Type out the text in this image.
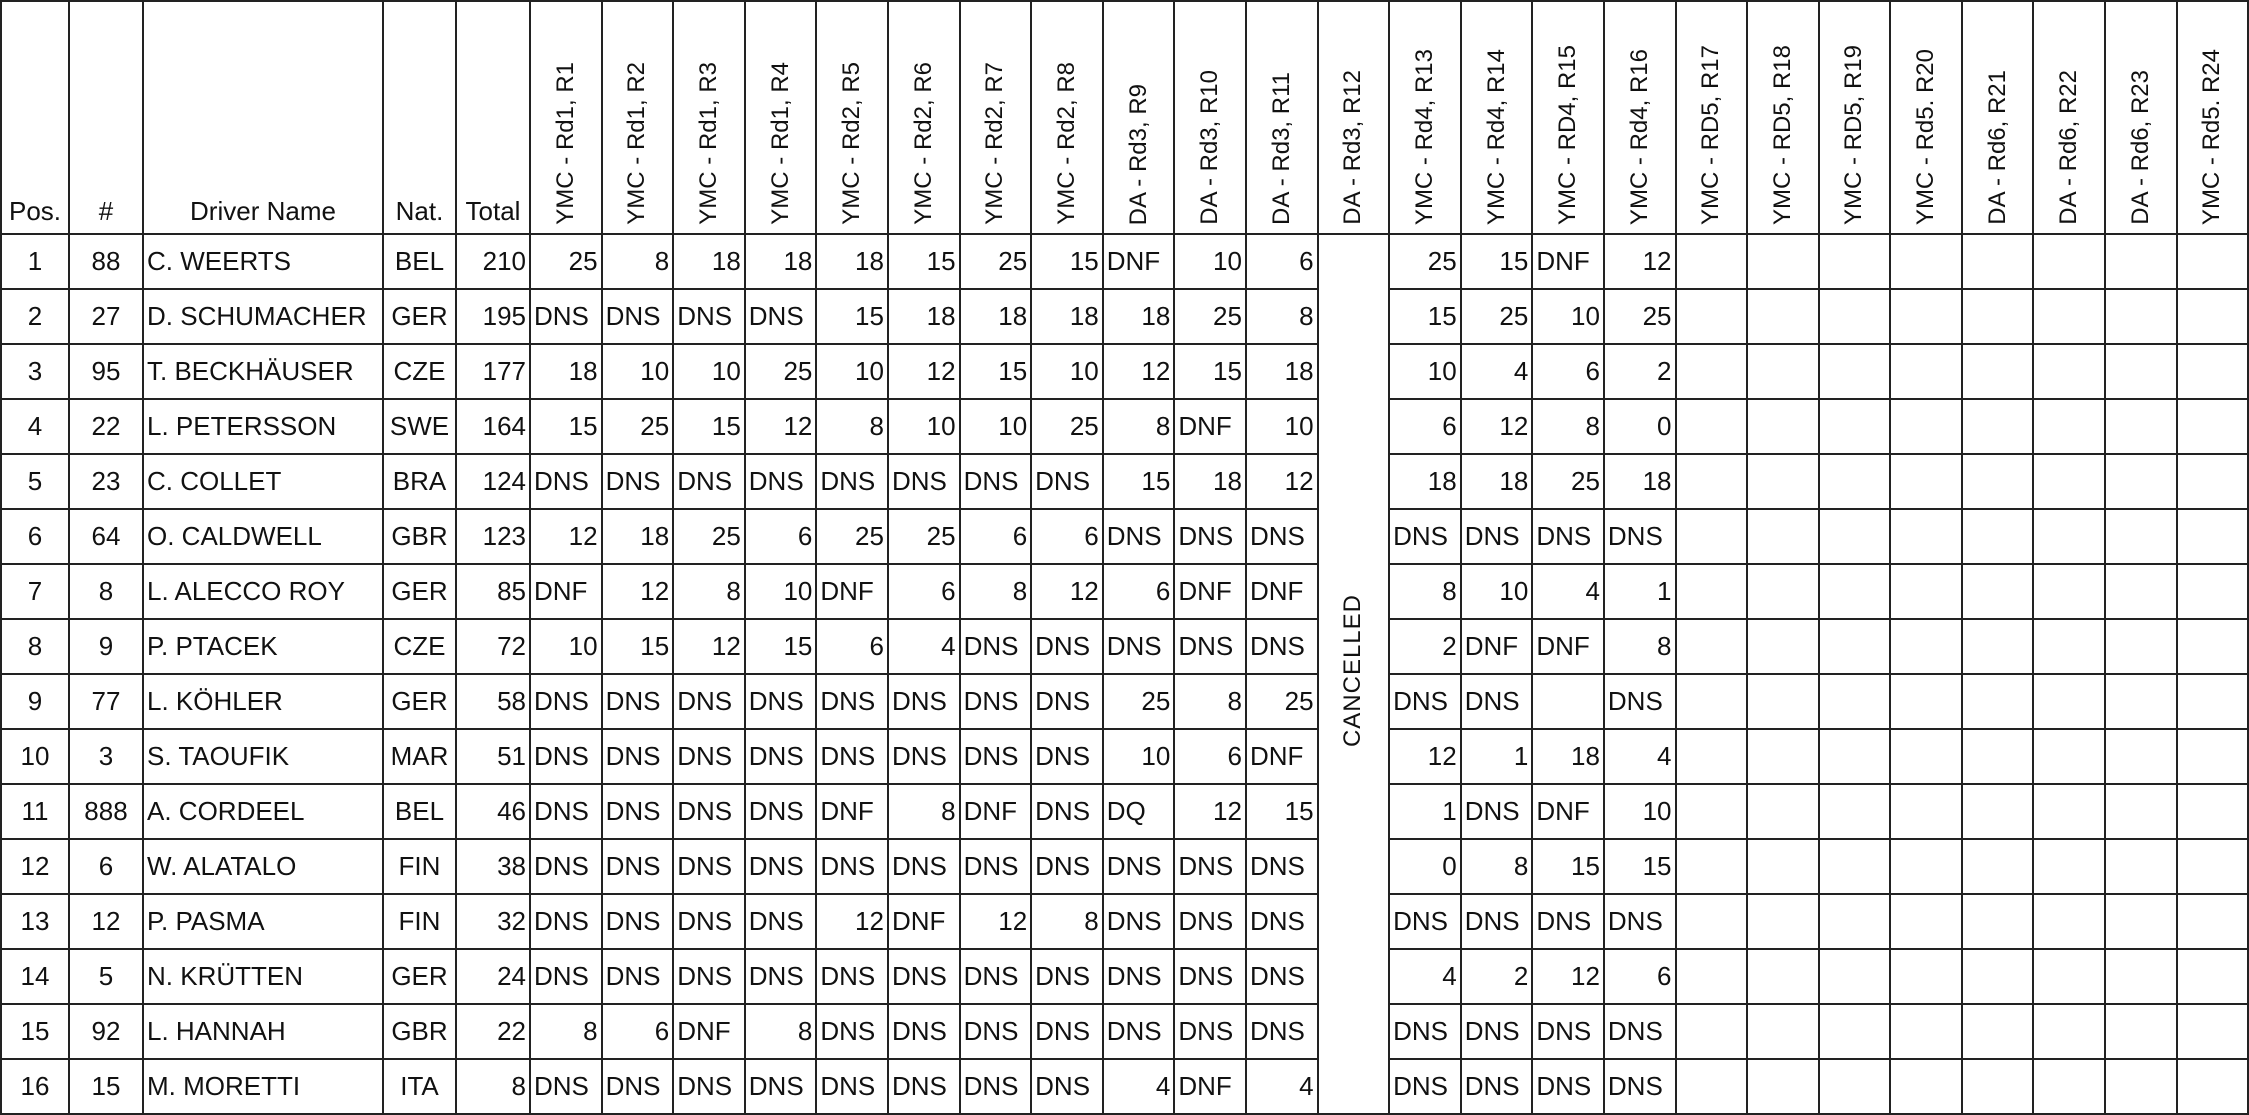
Pos.	#	Driver Name	Nat.	Total	YMC - Rd1, R1	YMC - Rd1, R2	YMC - Rd1, R3	YMC - Rd1, R4	YMC - Rd2, R5	YMC - Rd2, R6	YMC - Rd2, R7	YMC - Rd2, R8	DA - Rd3, R9	DA - Rd3, R10	DA - Rd3, R11	DA - Rd3, R12	YMC - Rd4, R13	YMC - Rd4, R14	YMC - RD4, R15	YMC - Rd4, R16	YMC - RD5, R17	YMC - RD5, R18	YMC - RD5, R19	YMC - Rd5. R20	DA - Rd6, R21	DA - Rd6, R22	DA - Rd6, R23	YMC - Rd5. R24

1	88	C. WEERTS	BEL	210	25	8	18	18	18	15	25	15	DNF	10	6	CANCELLED	25	15	DNF	12								
2	27	D. SCHUMACHER	GER	195	DNS	DNS	DNS	DNS	15	18	18	18	18	25	8		15	25	10	25								
3	95	T. BECKHÄUSER	CZE	177	18	10	10	25	10	12	15	10	12	15	18		10	4	6	2								
4	22	L. PETERSSON	SWE	164	15	25	15	12	8	10	10	25	8	DNF	10		6	12	8	0								
5	23	C. COLLET	BRA	124	DNS	DNS	DNS	DNS	DNS	DNS	DNS	DNS	15	18	12		18	18	25	18								
6	64	O. CALDWELL	GBR	123	12	18	25	6	25	25	6	6	DNS	DNS	DNS		DNS	DNS	DNS	DNS								
7	8	L. ALECCO ROY	GER	85	DNF	12	8	10	DNF	6	8	12	6	DNF	DNF		8	10	4	1								
8	9	P. PTACEK	CZE	72	10	15	12	15	6	4	DNS	DNS	DNS	DNS	DNS		2	DNF	DNF	8								
9	77	L. KÖHLER	GER	58	DNS	DNS	DNS	DNS	DNS	DNS	DNS	DNS	25	8	25		DNS	DNS		DNS								
10	3	S. TAOUFIK	MAR	51	DNS	DNS	DNS	DNS	DNS	DNS	DNS	DNS	10	6	DNF		12	1	18	4								
11	888	A. CORDEEL	BEL	46	DNS	DNS	DNS	DNS	DNF	8	DNF	DNS	DQ	12	15		1	DNS	DNF	10								
12	6	W. ALATALO	FIN	38	DNS	DNS	DNS	DNS	DNS	DNS	DNS	DNS	DNS	DNS	DNS		0	8	15	15								
13	12	P. PASMA	FIN	32	DNS	DNS	DNS	DNS	12	DNF	12	8	DNS	DNS	DNS		DNS	DNS	DNS	DNS								
14	5	N. KRÜTTEN	GER	24	DNS	DNS	DNS	DNS	DNS	DNS	DNS	DNS	DNS	DNS	DNS		4	2	12	6								
15	92	L. HANNAH	GBR	22	8	6	DNF	8	DNS	DNS	DNS	DNS	DNS	DNS	DNS		DNS	DNS	DNS	DNS								
16	15	M. MORETTI	ITA	8	DNS	DNS	DNS	DNS	DNS	DNS	DNS	DNS	4	DNF	4		DNS	DNS	DNS	DNS								
